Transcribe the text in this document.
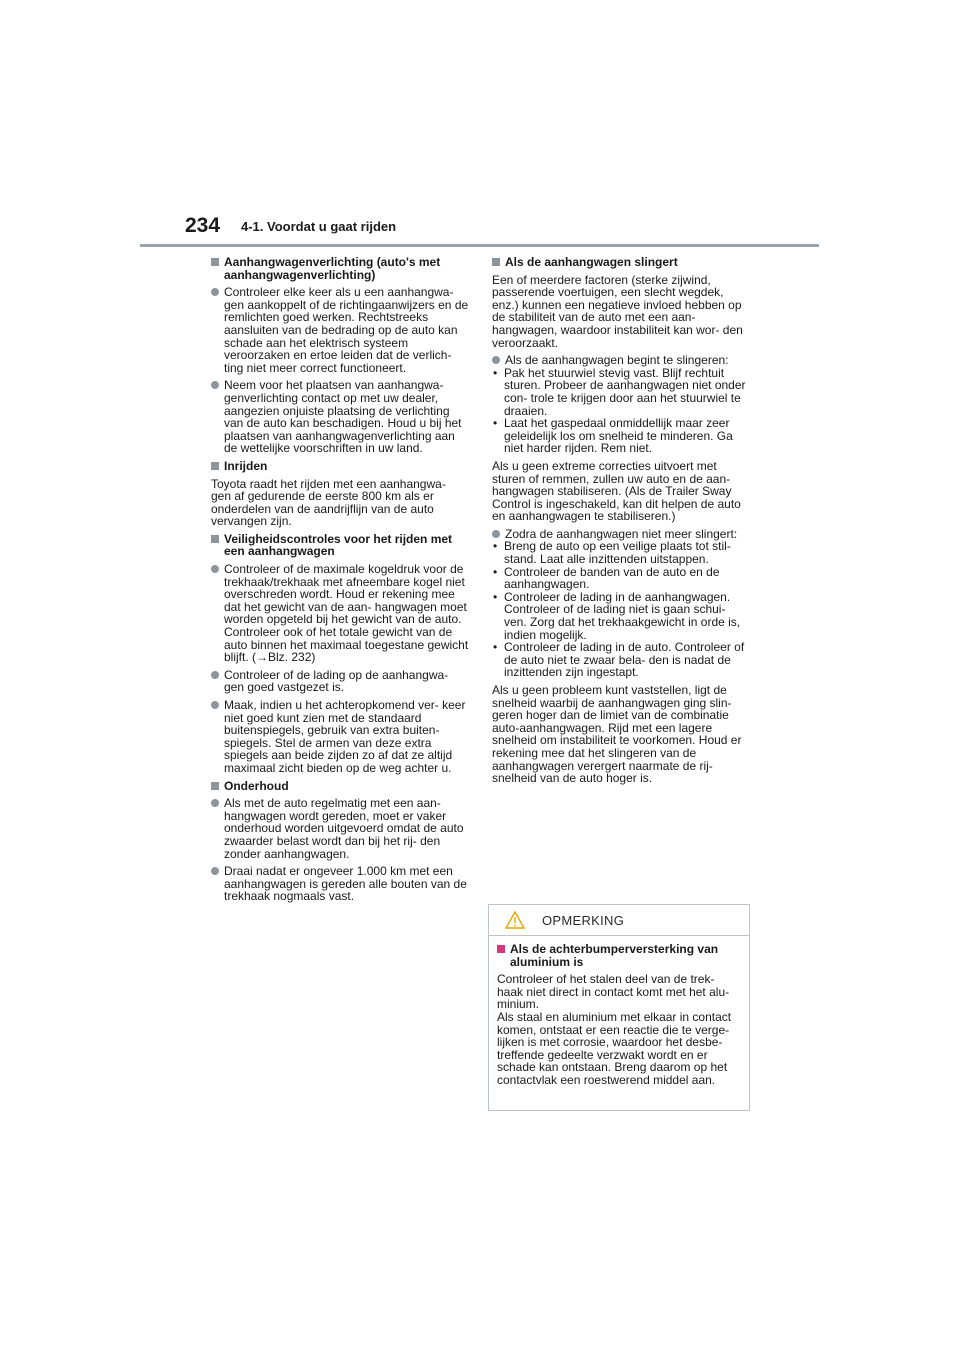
234 4-1. Voordat u gaat rijden
Aanhangwagenverlichting (auto's met aanhangwagenverlichting)
Controleer elke keer als u een aanhangwa- gen aankoppelt of de richtingaanwijzers en de remlichten goed werken. Rechtstreeks aansluiten van de bedrading op de auto kan schade aan het elektrisch systeem veroorzaken en ertoe leiden dat de verlich- ting niet meer correct functioneert.
Neem voor het plaatsen van aanhangwa- genverlichting contact op met uw dealer, aangezien onjuiste plaatsing de verlichting van de auto kan beschadigen. Houd u bij het plaatsen van aanhangwagenverlichting aan de wettelijke voorschriften in uw land.
Inrijden
Toyota raadt het rijden met een aanhangwa- gen af gedurende de eerste 800 km als er onderdelen van de aandrijflijn van de auto vervangen zijn.
Veiligheidscontroles voor het rijden met een aanhangwagen
Controleer of de maximale kogeldruk voor de trekhaak/trekhaak met afneembare kogel niet overschreden wordt. Houd er rekening mee dat het gewicht van de aan- hangwagen moet worden opgeteld bij het gewicht van de auto. Controleer ook of het totale gewicht van de auto binnen het maximaal toegestane gewicht blijft. (→Blz. 232)
Controleer of de lading op de aanhangwa- gen goed vastgezet is.
Maak, indien u het achteropkomend ver- keer niet goed kunt zien met de standaard buitenspiegels, gebruik van extra buiten- spiegels. Stel de armen van deze extra spiegels aan beide zijden zo af dat ze altijd maximaal zicht bieden op de weg achter u.
Onderhoud
Als met de auto regelmatig met een aan- hangwagen wordt gereden, moet er vaker onderhoud worden uitgevoerd omdat de auto zwaarder belast wordt dan bij het rij- den zonder aanhangwagen.
Draai nadat er ongeveer 1.000 km met een aanhangwagen is gereden alle bouten van de trekhaak nogmaals vast.
Als de aanhangwagen slingert
Een of meerdere factoren (sterke zijwind, passerende voertuigen, een slecht wegdek, enz.) kunnen een negatieve invloed hebben op de stabiliteit van de auto met een aan- hangwagen, waardoor instabiliteit kan wor- den veroorzaakt.
Als de aanhangwagen begint te slingeren:
• Pak het stuurwiel stevig vast. Blijf rechtuit sturen. Probeer de aanhangwagen niet onder con- trole te krijgen door aan het stuurwiel te draaien.
• Laat het gaspedaal onmiddellijk maar zeer geleidelijk los om snelheid te minderen. Ga niet harder rijden. Rem niet.
Als u geen extreme correcties uitvoert met sturen of remmen, zullen uw auto en de aan- hangwagen stabiliseren. (Als de Trailer Sway Control is ingeschakeld, kan dit helpen de auto en aanhangwagen te stabiliseren.)
Zodra de aanhangwagen niet meer slingert:
• Breng de auto op een veilige plaats tot stil- stand. Laat alle inzittenden uitstappen.
• Controleer de banden van de auto en de aanhangwagen.
• Controleer de lading in de aanhangwagen. Controleer of de lading niet is gaan schui- ven. Zorg dat het trekhaakgewicht in orde is, indien mogelijk.
• Controleer de lading in de auto. Controleer of de auto niet te zwaar bela- den is nadat de inzittenden zijn ingestapt.
Als u geen probleem kunt vaststellen, ligt de snelheid waarbij de aanhangwagen ging slin- geren hoger dan de limiet van de combinatie auto-aanhangwagen. Rijd met een lagere snelheid om instabiliteit te voorkomen. Houd er rekening mee dat het slingeren van de aanhangwagen verergert naarmate de rij- snelheid van de auto hoger is.
OPMERKING
Als de achterbumperversterking van aluminium is
Controleer of het stalen deel van de trek- haak niet direct in contact komt met het alu- minium.
Als staal en aluminium met elkaar in contact komen, ontstaat er een reactie die te verge- lijken is met corrosie, waardoor het desbe- treffende gedeelte verzwakt wordt en er schade kan ontstaan. Breng daarom op het contactvlak een roestwerend middel aan.
